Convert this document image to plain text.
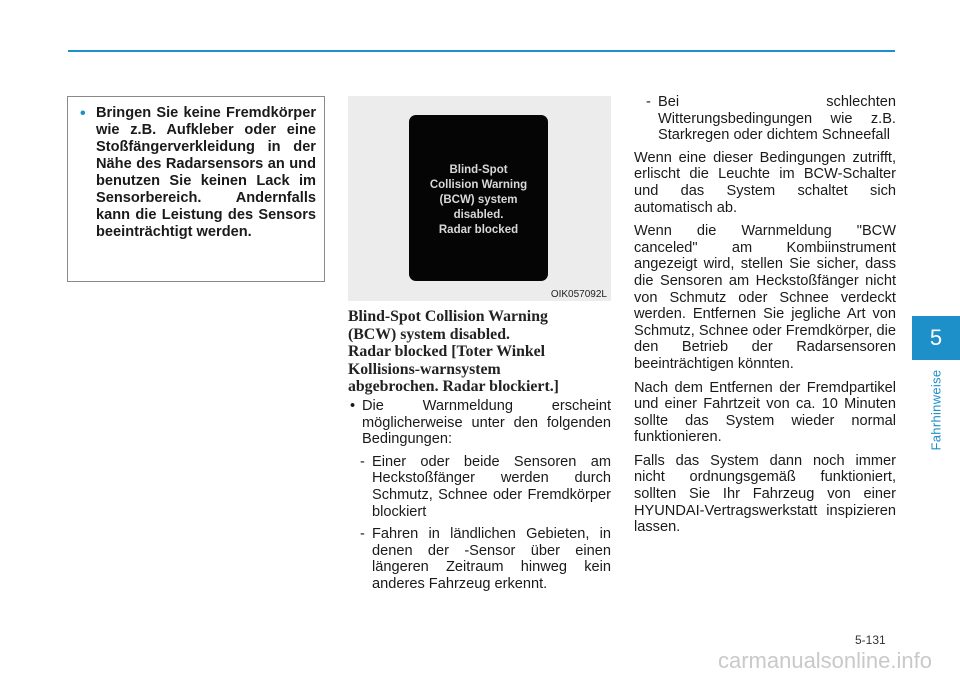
• Bringen Sie keine Fremdkörper wie z.B. Aufkleber oder eine Stoßfängerverkleidung in der Nähe des Radarsensors an und benutzen Sie keinen Lack im Sensorbereich. Andernfalls kann die Leistung des Sensors beeinträchtigt werden.

Blind-Spot
Collision Warning
(BCW) system
disabled.
Radar blocked
OIK057092L

Blind-Spot Collision Warning
(BCW) system disabled.
Radar blocked [Toter Winkel
Kollisions-warnsystem
abgebrochen. Radar blockiert.]

• Die Warnmeldung erscheint möglicherweise unter den folgenden Bedingungen:

- Einer oder beide Sensoren am Heckstoßfänger werden durch Schmutz, Schnee oder Fremdkörper blockiert

- Fahren in ländlichen Gebieten, in denen der -Sensor über einen längeren Zeitraum hinweg kein anderes Fahrzeug erkennt.

- Bei schlechten Witterungsbedingungen wie z.B. Starkregen oder dichtem Schneefall

Wenn eine dieser Bedingungen zutrifft, erlischt die Leuchte im BCW-Schalter und das System schaltet sich automatisch ab.

Wenn die Warnmeldung "BCW canceled" am Kombiinstrument angezeigt wird, stellen Sie sicher, dass die Sensoren am Heckstoßfänger nicht von Schmutz oder Schnee verdeckt werden. Entfernen Sie jegliche Art von Schmutz, Schnee oder Fremdkörper, die den Betrieb der Radarsensoren beeinträchtigen könnten.

Nach dem Entfernen der Fremdpartikel und einer Fahrtzeit von ca. 10 Minuten sollte das System wieder normal funktionieren.

Falls das System dann noch immer nicht ordnungsgemäß funktioniert, sollten Sie Ihr Fahrzeug von einer HYUNDAI-Vertragswerkstatt inspizieren lassen.

5
Fahrhinweise
5-131
carmanualsonline.info
